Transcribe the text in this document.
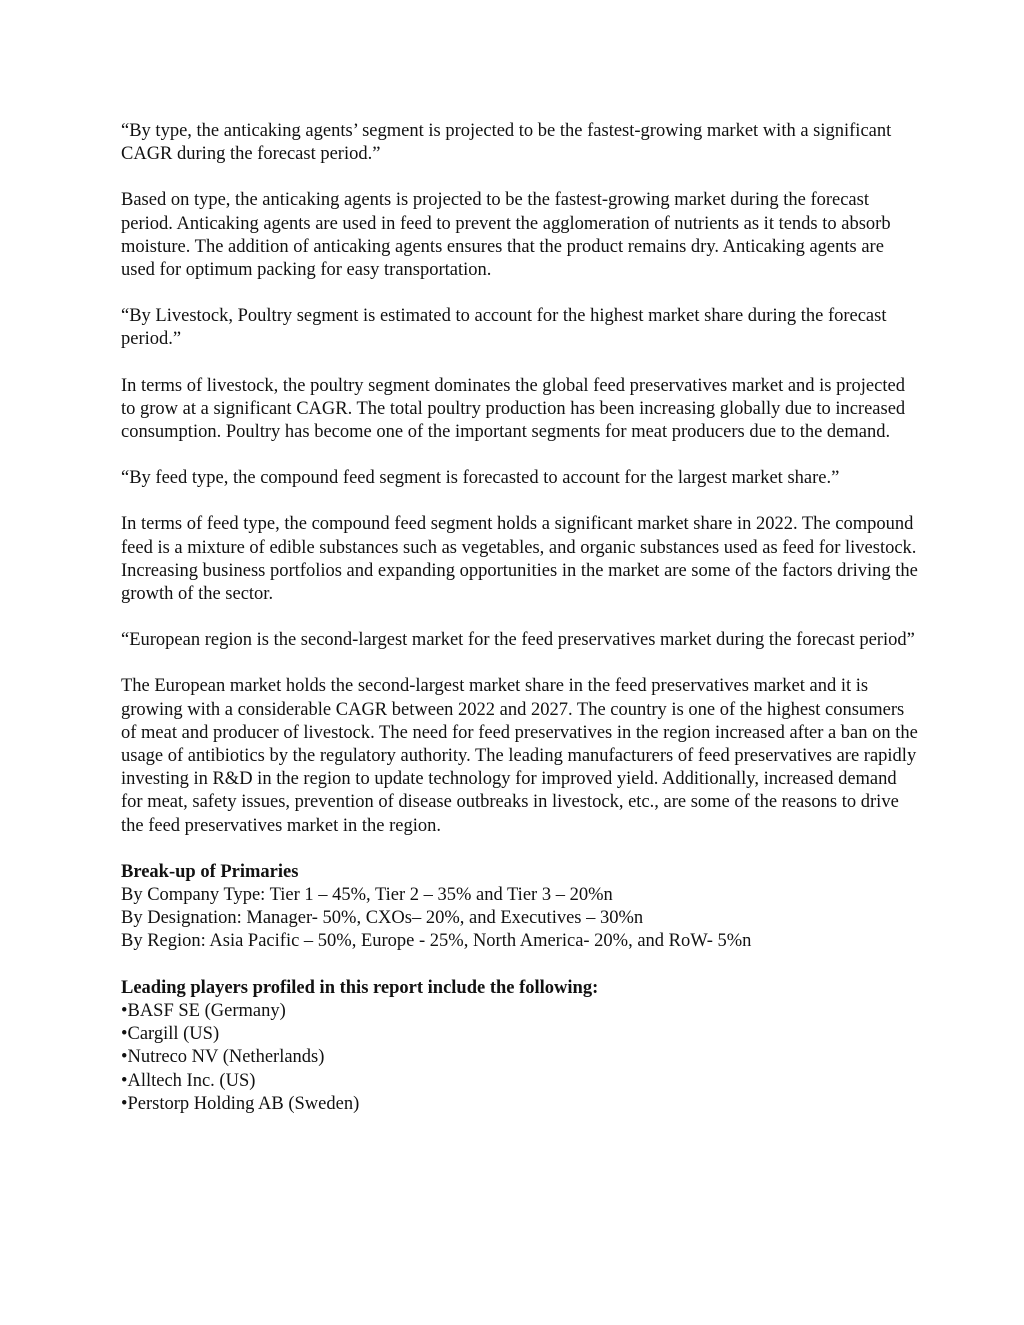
“By type, the anticaking agents’ segment is projected to be the fastest-growing market with a significant CAGR during the forecast period.”

Based on type, the anticaking agents is projected to be the fastest-growing market during the forecast period. Anticaking agents are used in feed to prevent the agglomeration of nutrients as it tends to absorb moisture. The addition of anticaking agents ensures that the product remains dry. Anticaking agents are used for optimum packing for easy transportation.

“By Livestock, Poultry segment is estimated to account for the highest market share during the forecast period.”

In terms of livestock, the poultry segment dominates the global feed preservatives market and is projected to grow at a significant CAGR. The total poultry production has been increasing globally due to increased consumption. Poultry has become one of the important segments for meat producers due to the demand.

“By feed type, the compound feed segment is forecasted to account for the largest market share.”

In terms of feed type, the compound feed segment holds a significant market share in 2022. The compound feed is a mixture of edible substances such as vegetables, and organic substances used as feed for livestock. Increasing business portfolios and expanding opportunities in the market are some of the factors driving the growth of the sector.

“European region is the second-largest market for the feed preservatives market during the forecast period”

The European market holds the second-largest market share in the feed preservatives market and it is growing with a considerable CAGR between 2022 and 2027. The country is one of the highest consumers of meat and producer of livestock. The need for feed preservatives in the region increased after a ban on the usage of antibiotics by the regulatory authority. The leading manufacturers of feed preservatives are rapidly investing in R&D in the region to update technology for improved yield. Additionally, increased demand for meat, safety issues, prevention of disease outbreaks in livestock, etc., are some of the reasons to drive the feed preservatives market in the region.

Break-up of Primaries
By Company Type: Tier 1 – 45%, Tier 2 – 35% and Tier 3 – 20%n
By Designation: Manager- 50%, CXOs– 20%, and Executives – 30%n
By Region: Asia Pacific – 50%, Europe - 25%, North America- 20%, and RoW- 5%n
Leading players profiled in this report include the following:
•BASF SE (Germany)
•Cargill (US)
•Nutreco NV (Netherlands)
•Alltech Inc. (US)
•Perstorp Holding AB (Sweden)
